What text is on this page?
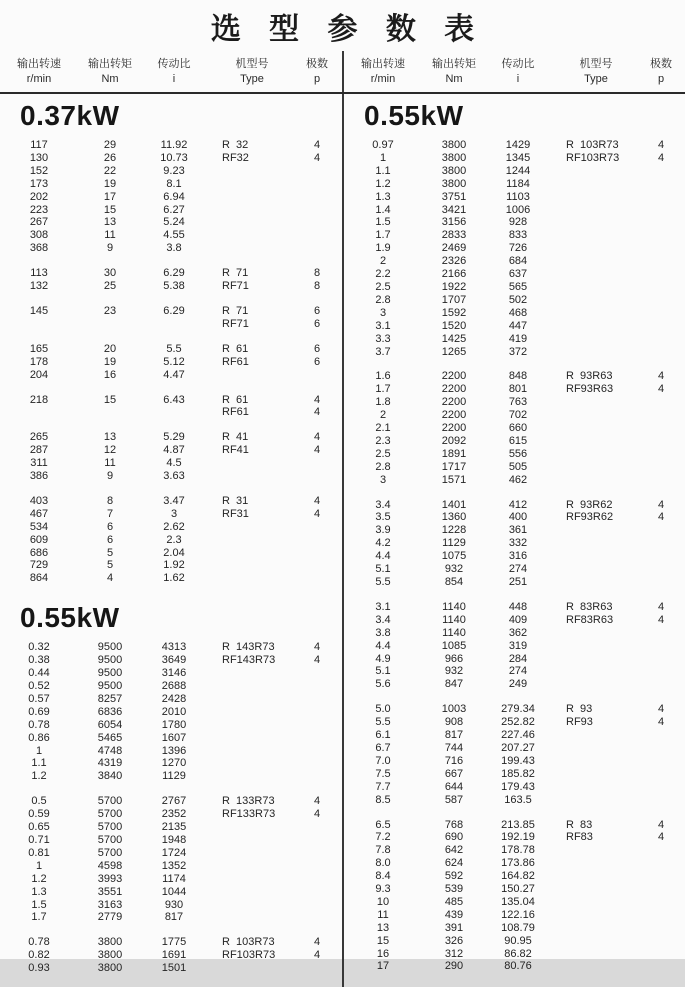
选 型 参 数 表
输出转速
r/min
输出转矩
Nm
传动比
i
机型号
Type
极数
p
输出转速
r/min
输出转矩
Nm
传动比
i
机型号
Type
极数
p
0.37kW
117	29	11.92	R  32	4
130	26	10.73	RF32	4
152	22	9.23
173	19	8.1
202	17	6.94
223	15	6.27
267	13	5.24
308	11	4.55
368	9	3.8
113	30	6.29	R  71	8
132	25	5.38	RF71	8
145	23	6.29	R  71	6
RF71	6
165	20	5.5	R  61	6
178	19	5.12	RF61	6
204	16	4.47
218	15	6.43	R  61	4
RF61	4
265	13	5.29	R  41	4
287	12	4.87	RF41	4
311	11	4.5
386	9	3.63
403	8	3.47	R  31	4
467	7	3	RF31	4
534	6	2.62
609	6	2.3
686	5	2.04
729	5	1.92
864	4	1.62
0.55kW
0.32	9500	4313	R  143R73	4
0.38	9500	3649	RF143R73	4
0.44	9500	3146
0.52	9500	2688
0.57	8257	2428
0.69	6836	2010
0.78	6054	1780
0.86	5465	1607
1	4748	1396
1.1	4319	1270
1.2	3840	1129
0.5	5700	2767	R  133R73	4
0.59	5700	2352	RF133R73	4
0.65	5700	2135
0.71	5700	1948
0.81	5700	1724
1	4598	1352
1.2	3993	1174
1.3	3551	1044
1.5	3163	930
1.7	2779	817
0.78	3800	1775	R  103R73	4
0.82	3800	1691	RF103R73	4
0.93	3800	1501
0.55kW
0.97	3800	1429	R  103R73	4
1	3800	1345	RF103R73	4
1.1	3800	1244
1.2	3800	1184
1.3	3751	1103
1.4	3421	1006
1.5	3156	928
1.7	2833	833
1.9	2469	726
2	2326	684
2.2	2166	637
2.5	1922	565
2.8	1707	502
3	1592	468
3.1	1520	447
3.3	1425	419
3.7	1265	372
1.6	2200	848	R  93R63	4
1.7	2200	801	RF93R63	4
1.8	2200	763
2	2200	702
2.1	2200	660
2.3	2092	615
2.5	1891	556
2.8	1717	505
3	1571	462
3.4	1401	412	R  93R62	4
3.5	1360	400	RF93R62	4
3.9	1228	361
4.2	1129	332
4.4	1075	316
5.1	932	274
5.5	854	251
3.1	1140	448	R  83R63	4
3.4	1140	409	RF83R63	4
3.8	1140	362
4.4	1085	319
4.9	966	284
5.1	932	274
5.6	847	249
5.0	1003	279.34	R  93	4
5.5	908	252.82	RF93	4
6.1	817	227.46
6.7	744	207.27
7.0	716	199.43
7.5	667	185.82
7.7	644	179.43
8.5	587	163.5
6.5	768	213.85	R  83	4
7.2	690	192.19	RF83	4
7.8	642	178.78
8.0	624	173.86
8.4	592	164.82
9.3	539	150.27
10	485	135.04
11	439	122.16
13	391	108.79
15	326	90.95
16	312	86.82
17	290	80.76
